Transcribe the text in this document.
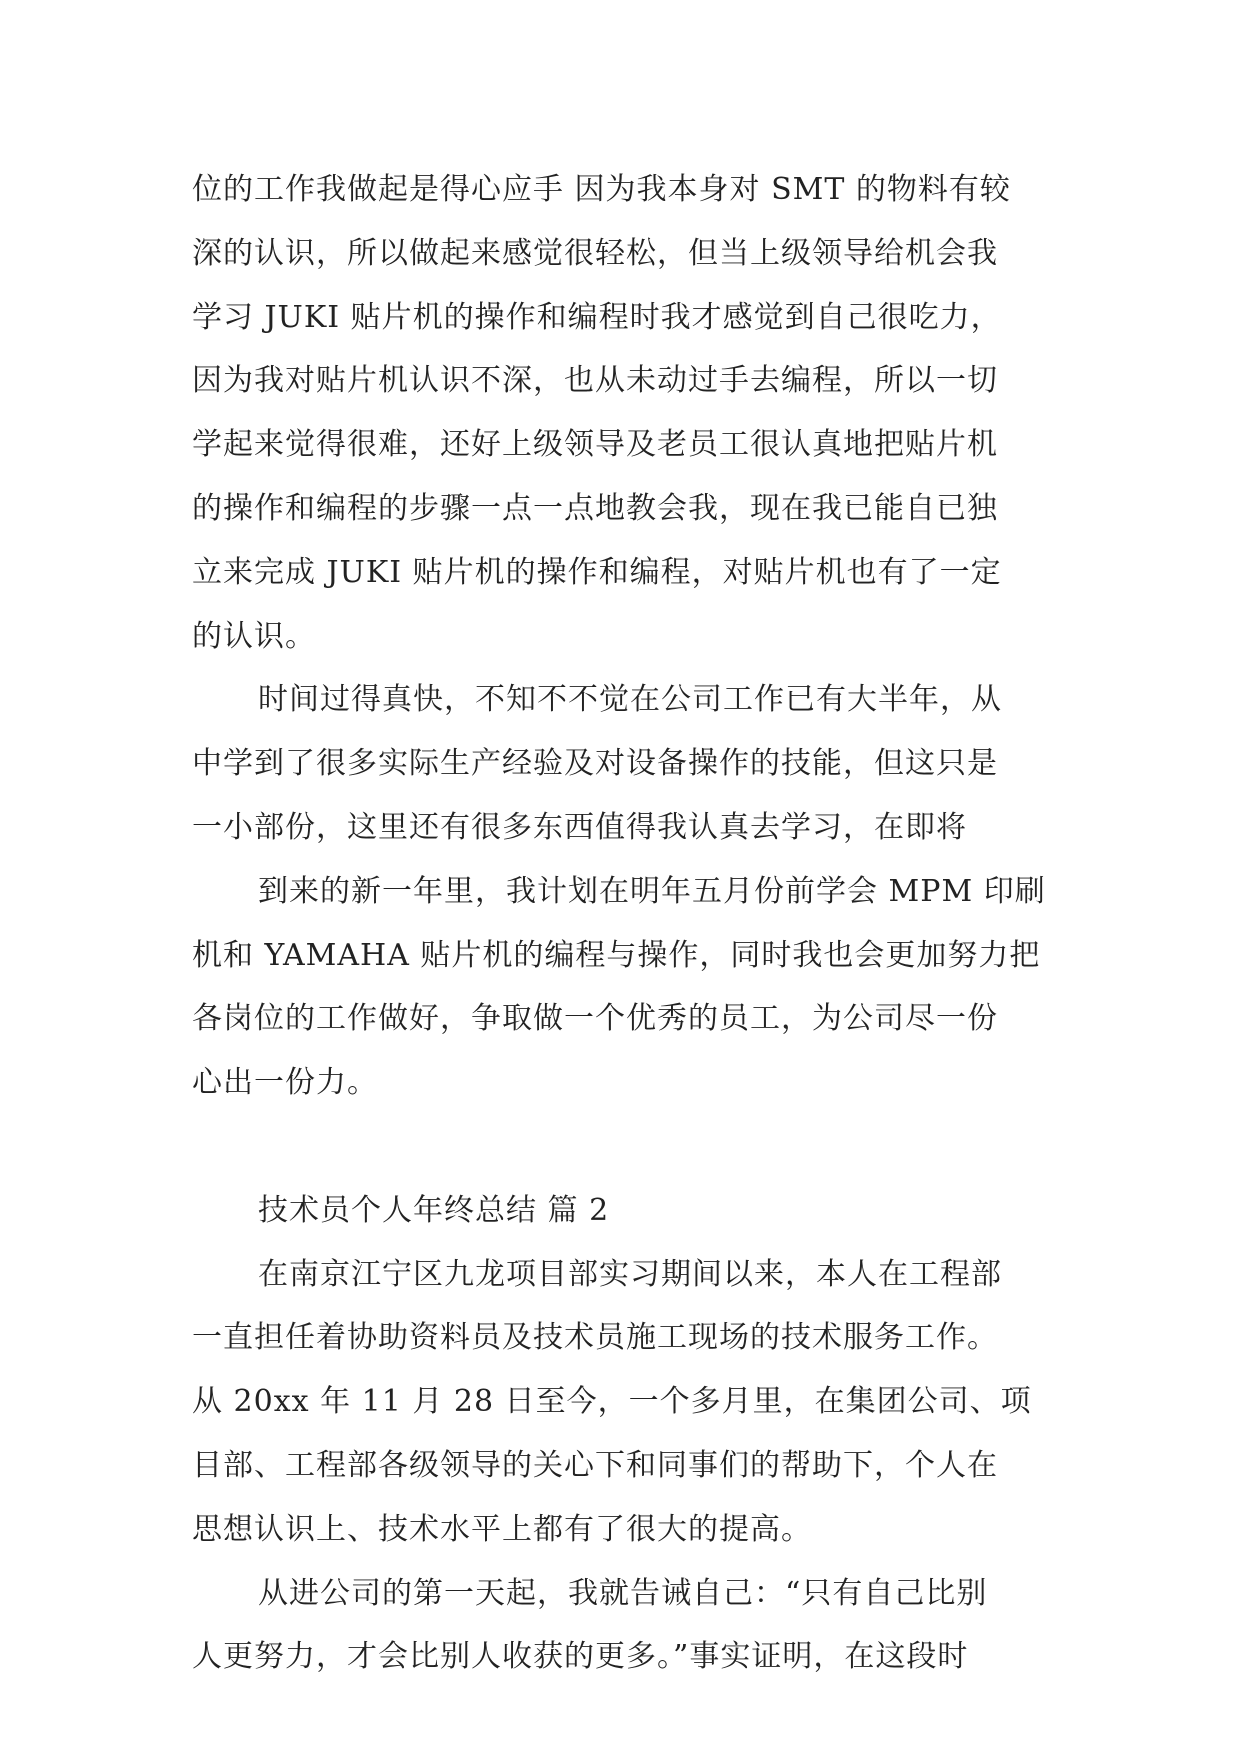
位的工作我做起是得心应手 因为我本身对 SMT 的物料有较
深的认识，所以做起来感觉很轻松，但当上级领导给机会我
学习 JUKI 贴片机的操作和编程时我才感觉到自己很吃力，
因为我对贴片机认识不深，也从未动过手去编程，所以一切
学起来觉得很难，还好上级领导及老员工很认真地把贴片机
的操作和编程的步骤一点一点地教会我，现在我已能自已独
立来完成 JUKI 贴片机的操作和编程，对贴片机也有了一定
的认识。
时间过得真快，不知不不觉在公司工作已有大半年，从
中学到了很多实际生产经验及对设备操作的技能，但这只是
一小部份，这里还有很多东西值得我认真去学习，在即将
到来的新一年里，我计划在明年五月份前学会 MPM 印刷
机和 YAMAHA 贴片机的编程与操作，同时我也会更加努力把
各岗位的工作做好，争取做一个优秀的员工，为公司尽一份
心出一份力。
技术员个人年终总结 篇 2
在南京江宁区九龙项目部实习期间以来，本人在工程部
一直担任着协助资料员及技术员施工现场的技术服务工作。
从 20xx 年 11 月 28 日至今，一个多月里，在集团公司、项
目部、工程部各级领导的关心下和同事们的帮助下，个人在
思想认识上、技术水平上都有了很大的提高。
从进公司的第一天起，我就告诫自己：“只有自己比别
人更努力，才会比别人收获的更多。”事实证明，在这段时
